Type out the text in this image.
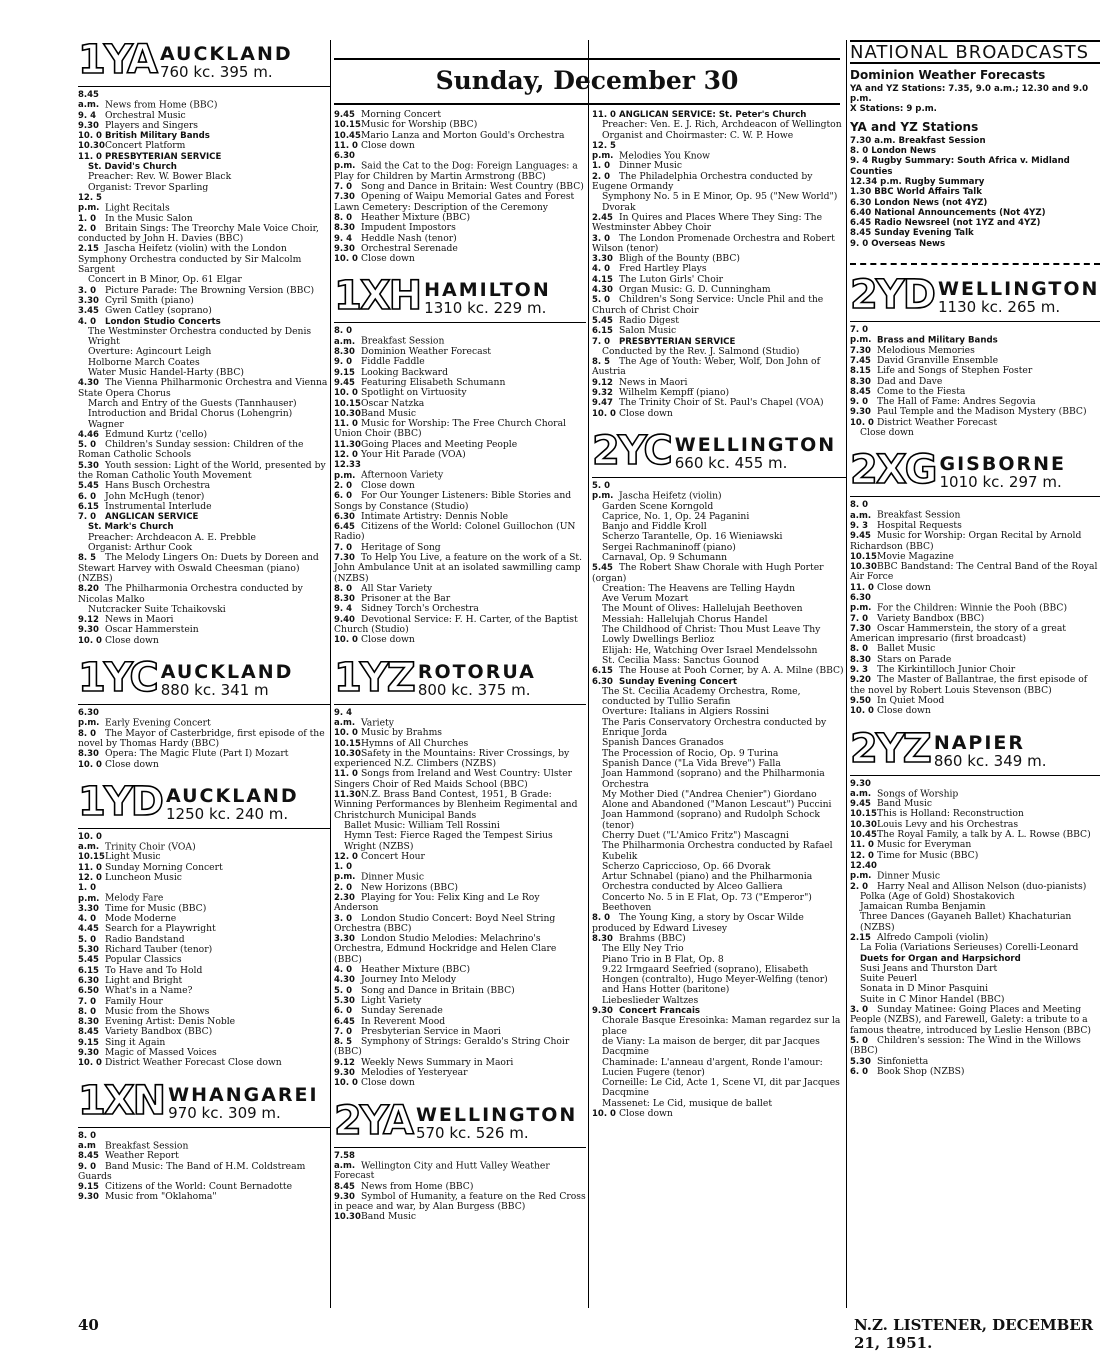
Sunday, December 30
1YA AUCKLAND
760 kc. 395 m.
8.45 a.m. News from Home (BBC)
9. 4 Orchestral Music
9.30 Players and Singers
10. 0 British Military Bands
10.30Concert Platform
11. 0 PRESBYTERIAN SERVICE
St. David's Church
Preacher: Rev. W. Bower Black
Organist: Trevor Sparling
12. 5 p.m. Light Recitals
1. 0 In the Music Salon
2. 0 Britain Sings: The Treorchy Male Voice Choir, conducted by John H. Davies (BBC)
2.15 Jascha Heifetz (violin) with the London Symphony Orchestra conducted by Sir Malcolm Sargent
Concert in B Minor, Op. 61 Elgar
3. 0 Picture Parade: The Browning Version (BBC)
3.30 Cyril Smith (piano)
3.45 Gwen Catley (soprano)
4. 0 London Studio Concerts
The Westminster Orchestra conducted by Denis Wright
Overture: Agincourt Leigh
Holborne March Coates
Water Music Handel-Harty (BBC)
4.30 The Vienna Philharmonic Orchestra and Vienna State Opera Chorus
March and Entry of the Guests (Tannhauser)
Introduction and Bridal Chorus (Lohengrin) Wagner
4.46 Edmund Kurtz ('cello)
5. 0 Children's Sunday session: Children of the Roman Catholic Schools
5.30 Youth session: Light of the World, presented by the Roman Catholic Youth Movement
5.45 Hans Busch Orchestra
6. 0 John McHugh (tenor)
6.15 Instrumental Interlude
7. 0 ANGLICAN SERVICE
St. Mark's Church
Preacher: Archdeacon A. E. Prebble
Organist: Arthur Cook
8. 5 The Melody Lingers On: Duets by Doreen and Stewart Harvey with Oswald Cheesman (piano) (NZBS)
8.20 The Philharmonia Orchestra conducted by Nicolas Malko
Nutcracker Suite Tchaikovski
9.12 News in Maori
9.30 Oscar Hammerstein
10. 0 Close down
1YC AUCKLAND
880 kc. 341 m
6.30 p.m. Early Evening Concert
8. 0 The Mayor of Casterbridge, first episode of the novel by Thomas Hardy (BBC)
8.30 Opera: The Magic Flute (Part I) Mozart
10. 0 Close down
1YD AUCKLAND
1250 kc. 240 m.
10. 0 a.m. Trinity Choir (VOA)
10.15Light Music
11. 0 Sunday Morning Concert
12. 0 Luncheon Music
1. 0 p.m. Melody Fare
3.30 Time for Music (BBC)
4. 0 Mode Moderne
4.45 Search for a Playwright
5. 0 Radio Bandstand
5.30 Richard Tauber (tenor)
5.45 Popular Classics
6.15 To Have and To Hold
6.30 Light and Bright
6.50 What's in a Name?
7. 0 Family Hour
8. 0 Music from the Shows
8.30 Evening Artist: Denis Noble
8.45 Variety Bandbox (BBC)
9.15 Sing it Again
9.30 Magic of Massed Voices
10. 0 District Weather Forecast Close down
1XN WHANGAREI
970 kc. 309 m.
8. 0 a.m Breakfast Session
8.45 Weather Report
9. 0 Band Music: The Band of H.M. Coldstream Guards
9.15 Citizens of the World: Count Bernadotte
9.30 Music from "Oklahoma"
9.45 Morning Concert
10.15Music for Worship (BBC)
10.45Mario Lanza and Morton Gould's Orchestra
11. 0 Close down
6.30 p.m. Said the Cat to the Dog: Foreign Languages: a Play for Children by Martin Armstrong (BBC)
7. 0 Song and Dance in Britain: West Country (BBC)
7.30 Opening of Waipu Memorial Gates and Forest Lawn Cemetery: Description of the Ceremony
8. 0 Heather Mixture (BBC)
8.30 Impudent Impostors
9. 4 Heddle Nash (tenor)
9.30 Orchestral Serenade
10. 0 Close down
1XH HAMILTON
1310 kc. 229 m.
8. 0 a.m. Breakfast Session
8.30 Dominion Weather Forecast
9. 0 Fiddle Faddle
9.15 Looking Backward
9.45 Featuring Elisabeth Schumann
10. 0 Spotlight on Virtuosity
10.15Oscar Natzka
10.30Band Music
11. 0 Music for Worship: The Free Church Choral Union Choir (BBC)
11.30Going Places and Meeting People
12. 0 Your Hit Parade (VOA)
12.33 p.m. Afternoon Variety
2. 0 Close down
6. 0 For Our Younger Listeners: Bible Stories and Songs by Constance (Studio)
6.30 Intimate Artistry: Dennis Noble
6.45 Citizens of the World: Colonel Guillochon (UN Radio)
7. 0 Heritage of Song
7.30 To Help You Live, a feature on the work of a St. John Ambulance Unit at an isolated sawmilling camp (NZBS)
8. 0 All Star Variety
8.30 Prisoner at the Bar
9. 4 Sidney Torch's Orchestra
9.40 Devotional Service: F. H. Carter, of the Baptist Church (Studio)
10. 0 Close down
1YZ ROTORUA
800 kc. 375 m.
9. 4 a.m. Variety
10. 0 Music by Brahms
10.15Hymns of All Churches
10.30Safety in the Mountains: River Crossings, by experienced N.Z. Climbers (NZBS)
11. 0 Songs from Ireland and West Country: Ulster Singers Choir of Red Maids School (BBC)
11.30N.Z. Brass Band Contest, 1951, B Grade: Winning Performances by Blenheim Regimental and Christchurch Municipal Bands
Ballet Music: William Tell Rossini
Hymn Test: Fierce Raged the Tempest Sirius Wright (NZBS)
12. 0 Concert Hour
1. 0 p.m. Dinner Music
2. 0 New Horizons (BBC)
2.30 Playing for You: Felix King and Le Roy Anderson
3. 0 London Studio Concert: Boyd Neel String Orchestra (BBC)
3.30 London Studio Melodies: Melachrino's Orchestra, Edmund Hockridge and Helen Clare (BBC)
4. 0 Heather Mixture (BBC)
4.30 Journey Into Melody
5. 0 Song and Dance in Britain (BBC)
5.30 Light Variety
6. 0 Sunday Serenade
6.45 In Reverent Mood
7. 0 Presbyterian Service in Maori
8. 5 Symphony of Strings: Geraldo's String Choir (BBC)
9.12 Weekly News Summary in Maori
9.30 Melodies of Yesteryear
10. 0 Close down
2YA WELLINGTON
570 kc. 526 m.
7.58 a.m. Wellington City and Hutt Valley Weather Forecast
8.45 News from Home (BBC)
9.30 Symbol of Humanity, a feature on the Red Cross in peace and war, by Alan Burgess (BBC)
10.30Band Music
11. 0 ANGLICAN SERVICE: St. Peter's Church
Preacher: Ven. E. J. Rich, Archdeacon of Wellington
Organist and Choirmaster: C. W. P. Howe
12. 5 p.m. Melodies You Know
1. 0 Dinner Music
2. 0 The Philadelphia Orchestra conducted by Eugene Ormandy
Symphony No. 5 in E Minor, Op. 95 ("New World") Dvorak
2.45 In Quires and Places Where They Sing: The Westminster Abbey Choir
3. 0 The London Promenade Orchestra and Robert Wilson (tenor)
3.30 Bligh of the Bounty (BBC)
4. 0 Fred Hartley Plays
4.15 The Luton Girls' Choir
4.30 Organ Music: G. D. Cunningham
5. 0 Children's Song Service: Uncle Phil and the Church of Christ Choir
5.45 Radio Digest
6.15 Salon Music
7. 0 PRESBYTERIAN SERVICE
Conducted by the Rev. J. Salmond (Studio)
8. 5 The Age of Youth: Weber, Wolf, Don John of Austria
9.12 News in Maori
9.32 Wilhelm Kempff (piano)
9.47 The Trinity Choir of St. Paul's Chapel (VOA)
10. 0 Close down
2YC WELLINGTON
660 kc. 455 m.
5. 0 p.m. Jascha Heifetz (violin)
Garden Scene Korngold
Caprice, No. 1, Op. 24 Paganini
Banjo and Fiddle Kroll
Scherzo Tarantelle, Op. 16 Wieniawski
Sergei Rachmaninoff (piano)
Carnaval, Op. 9 Schumann
5.45 The Robert Shaw Chorale with Hugh Porter (organ)
Creation: The Heavens are Telling Haydn
Ave Verum Mozart
The Mount of Olives: Hallelujah Beethoven
Messiah: Hallelujah Chorus Handel
The Childhood of Christ: Thou Must Leave Thy Lowly Dwellings Berlioz
Elijah: He, Watching Over Israel Mendelssohn
St. Cecilia Mass: Sanctus Gounod
6.15 The House at Pooh Corner, by A. A. Milne (BBC)
6.30 Sunday Evening Concert
The St. Cecilia Academy Orchestra, Rome, conducted by Tullio Serafin
Overture: Italians in Algiers Rossini
The Paris Conservatory Orchestra conducted by Enrique Jorda
Spanish Dances Granados
The Procession of Rocio, Op. 9 Turina
Spanish Dance ("La Vida Breve") Falla
Joan Hammond (soprano) and the Philharmonia Orchestra
My Mother Died ("Andrea Chenier") Giordano
Alone and Abandoned ("Manon Lescaut") Puccini
Joan Hammond (soprano) and Rudolph Schock (tenor)
Cherry Duet ("L'Amico Fritz") Mascagni
The Philharmonia Orchestra conducted by Rafael Kubelik
Scherzo Capriccioso, Op. 66 Dvorak
Artur Schnabel (piano) and the Philharmonia Orchestra conducted by Alceo Galliera
Concerto No. 5 in E Flat, Op. 73 ("Emperor") Beethoven
8. 0 The Young King, a story by Oscar Wilde produced by Edward Livesey
8.30 Brahms (BBC)
The Elly Ney Trio
Piano Trio in B Flat, Op. 8
9.22 Irmgaard Seefried (soprano), Elisabeth Hongen (contralto), Hugo Meyer-Welfing (tenor) and Hans Hotter (baritone)
Liebeslieder Waltzes
9.30 Concert Francais
Chorale Basque Eresoinka: Maman regardez sur la place
de Viany: La maison de berger, dit par Jacques Dacqmine
Chaminade: L'anneau d'argent, Ronde l'amour: Lucien Fugere (tenor)
Corneille: Le Cid, Acte 1, Scene VI, dit par Jacques Dacqmine
Massenet: Le Cid, musique de ballet
10. 0 Close down
NATIONAL BROADCASTS
Dominion Weather Forecasts
YA and YZ Stations: 7.35, 9.0 a.m.; 12.30 and 9.0 p.m.
X Stations: 9 p.m.
YA and YZ Stations
7.30 a.m. Breakfast Session
8. 0 London News
9. 4 Rugby Summary: South Africa v. Midland Counties
12.34 p.m. Rugby Summary
1.30 BBC World Affairs Talk
6.30 London News (not 4YZ)
6.40 National Announcements (Not 4YZ)
6.45 Radio Newsreel (not 1YZ and 4YZ)
8.45 Sunday Evening Talk
9. 0 Overseas News
2YD WELLINGTON
1130 kc. 265 m.
7. 0 p.m. Brass and Military Bands
7.30 Melodious Memories
7.45 David Granville Ensemble
8.15 Life and Songs of Stephen Foster
8.30 Dad and Dave
8.45 Come to the Fiesta
9. 0 The Hall of Fame: Andres Segovia
9.30 Paul Temple and the Madison Mystery (BBC)
10. 0 District Weather Forecast
Close down
2XG GISBORNE
1010 kc. 297 m.
8. 0 a.m. Breakfast Session
9. 3 Hospital Requests
9.45 Music for Worship: Organ Recital by Arnold Richardson (BBC)
10.15Movie Magazine
10.30BBC Bandstand: The Central Band of the Royal Air Force
11. 0 Close down
6.30 p.m. For the Children: Winnie the Pooh (BBC)
7. 0 Variety Bandbox (BBC)
7.30 Oscar Hammerstein, the story of a great American impresario (first broadcast)
8. 0 Ballet Music
8.30 Stars on Parade
9. 3 The Kirkintilloch Junior Choir
9.20 The Master of Ballantrae, the first episode of the novel by Robert Louis Stevenson (BBC)
9.50 In Quiet Mood
10. 0 Close down
2YZ NAPIER
860 kc. 349 m.
9.30 a.m. Songs of Worship
9.45 Band Music
10.15This is Holland: Reconstruction
10.30Louis Levy and his Orchestras
10.45The Royal Family, a talk by A. L. Rowse (BBC)
11. 0 Music for Everyman
12. 0 Time for Music (BBC)
12.40 p.m. Dinner Music
2. 0 Harry Neal and Allison Nelson (duo-pianists)
Polka (Age of Gold) Shostakovich
Jamaican Rumba Benjamin
Three Dances (Gayaneh Ballet) Khachaturian (NZBS)
2.15 Alfredo Campoli (violin)
La Folia (Variations Serieuses) Corelli-Leonard
Duets for Organ and Harpsichord
Susi Jeans and Thurston Dart
Suite Peuerl
Sonata in D Minor Pasquini
Suite in C Minor Handel (BBC)
3. 0 Sunday Matinee: Going Places and Meeting People (NZBS), and Farewell, Galety: a tribute to a famous theatre, introduced by Leslie Henson (BBC)
5. 0 Children's session: The Wind in the Willows (BBC)
5.30 Sinfonietta
6. 0 Book Shop (NZBS)
40	N.Z. LISTENER, DECEMBER 21, 1951.
